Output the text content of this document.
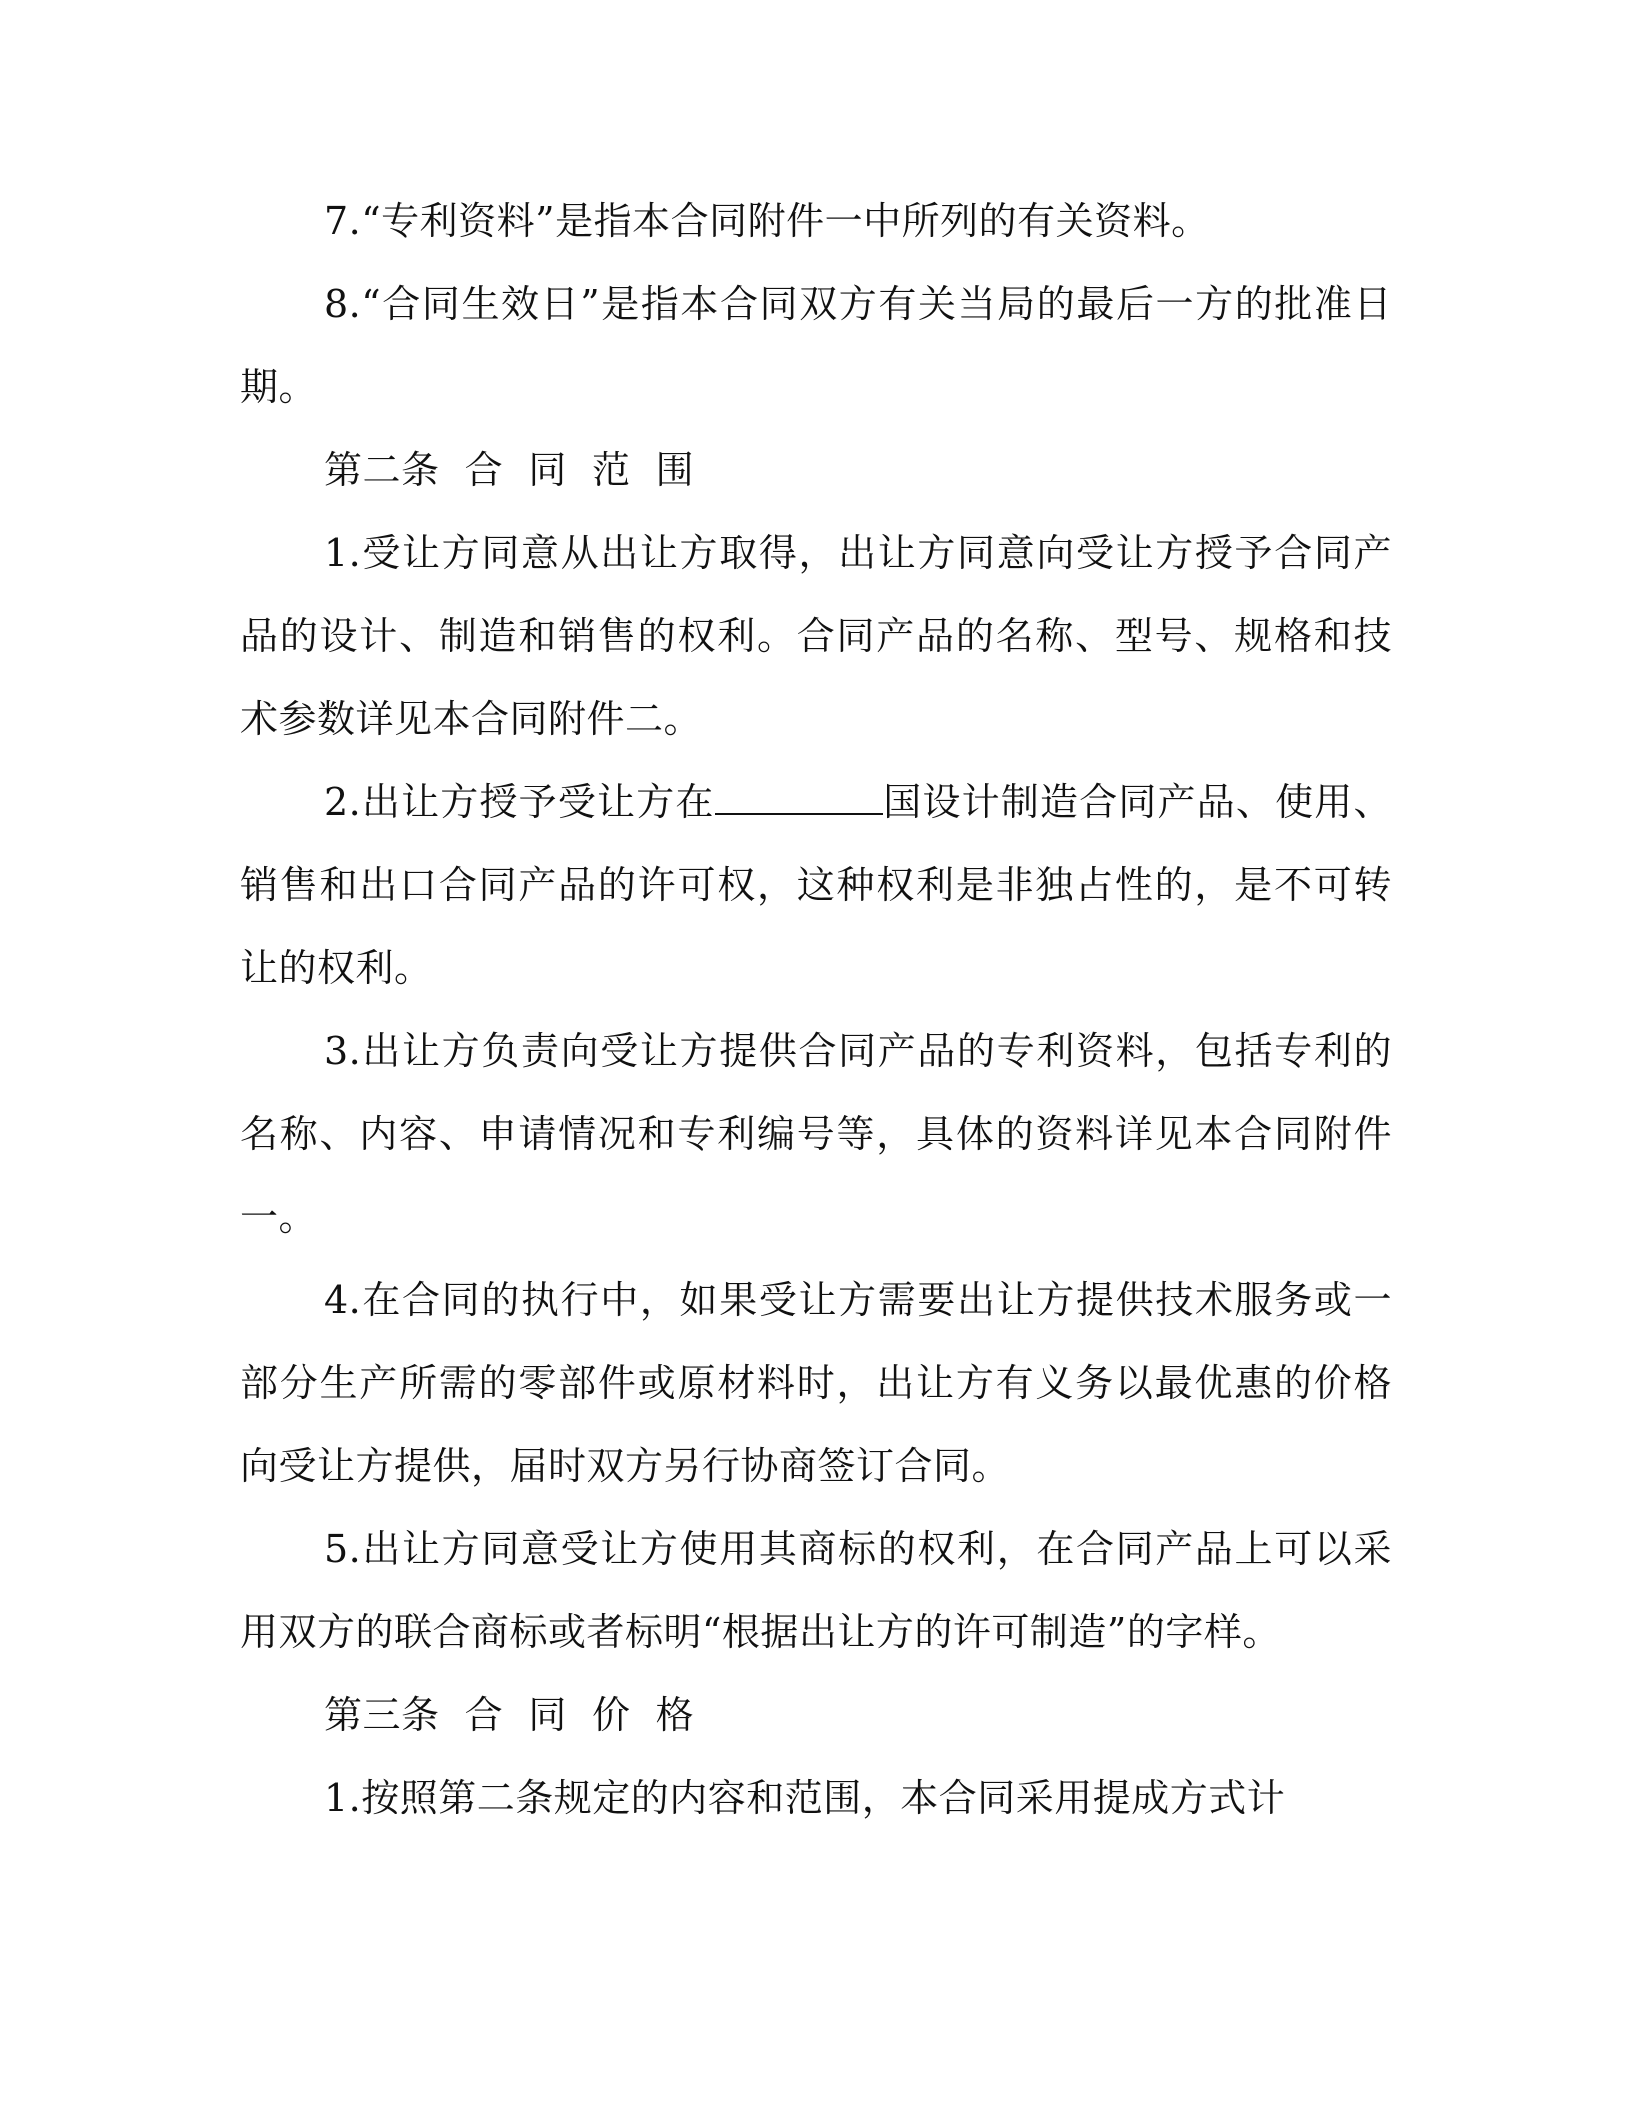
7.“专利资料”是指本合同附件一中所列的有关资料。

8.“合同生效日”是指本合同双方有关当局的最后一方的批准日期。

第二条  合  同  范  围

1.受让方同意从出让方取得，出让方同意向受让方授予合同产品的设计、制造和销售的权利。合同产品的名称、型号、规格和技术参数详见本合同附件二。

2.出让方授予受让方在	国设计制造合同产品、使用、销售和出口合同产品的许可权，这种权利是非独占性的，是不可转让的权利。

3.出让方负责向受让方提供合同产品的专利资料，包括专利的名称、内容、申请情况和专利编号等，具体的资料详见本合同附件一。

4.在合同的执行中，如果受让方需要出让方提供技术服务或一部分生产所需的零部件或原材料时，出让方有义务以最优惠的价格向受让方提供，届时双方另行协商签订合同。

5.出让方同意受让方使用其商标的权利，在合同产品上可以采用双方的联合商标或者标明“根据出让方的许可制造”的字样。

第三条  合  同  价  格

1.按照第二条规定的内容和范围，本合同采用提成方式计
